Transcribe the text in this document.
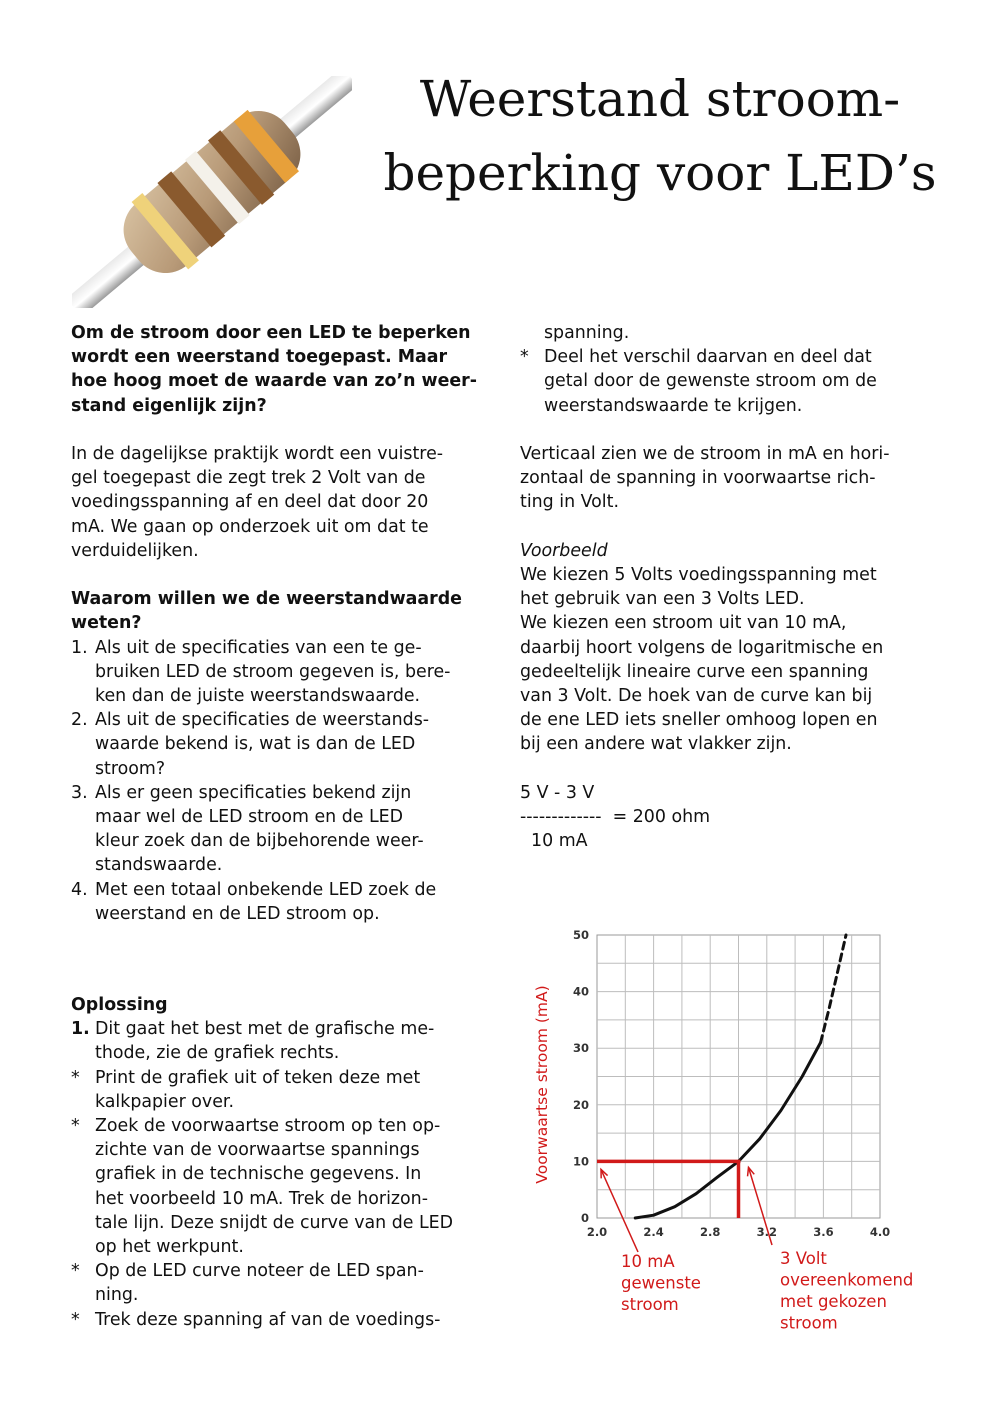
Weerstand stroom-
beperking voor LED’s

Om de stroom door een LED te beperken

wordt een weerstand toegepast. Maar

hoe hoog moet de waarde van zo’n weer-

stand eigenlijk zijn?

In de dagelijkse praktijk wordt een vuistre-

gel toegepast die zegt trek 2 Volt van de

voedingsspanning af en deel dat door 20

mA. We gaan op onderzoek uit om dat te

verduidelijken.

Waarom willen we de weerstandwaarde

weten?

1. Als uit de specificaties van een te ge-

bruiken LED de stroom gegeven is, bere-

ken dan de juiste weerstandswaarde.

2. Als uit de specificaties de weerstands-

waarde bekend is, wat is dan de LED

stroom?

3. Als er geen specificaties bekend zijn

maar wel de LED stroom en de LED

kleur zoek dan de bijbehorende weer-

standswaarde.

4. Met een totaal onbekende LED zoek de

weerstand en de LED stroom op.

Oplossing

1. Dit gaat het best met de grafische me-

thode, zie de grafiek rechts.

* Print de grafiek uit of teken deze met

kalkpapier over.

* Zoek de voorwaartse stroom op ten op-

zichte van de voorwaartse spannings

grafiek in de technische gegevens. In

het voorbeeld 10 mA. Trek de horizon-

tale lijn. Deze snijdt de curve van de LED

op het werkpunt.

* Op de LED curve noteer de LED span-

ning.

* Trek deze spanning af van de voedings-

spanning.

* Deel het verschil daarvan en deel dat

getal door de gewenste stroom om de

weerstandswaarde te krijgen.

Verticaal zien we de stroom in mA en hori-

zontaal de spanning in voorwaartse rich-

ting in Volt.

Voorbeeld

We kiezen 5 Volts voedingsspanning met

het gebruik van een 3 Volts LED.

We kiezen een stroom uit van 10 mA,

daarbij hoort volgens de logaritmische en

gedeeltelijk lineaire curve een spanning

van 3 Volt. De hoek van de curve kan bij

de ene LED iets sneller omhoog lopen en

bij een andere wat vlakker zijn.

5 V - 3 V

-------------  = 200 ohm

10 mA

0
10
20
30
40
50
2.0	2.4	2.8	3.2	3.6	4.0
Voorwaartse stroom (mA)
10 mA
gewenste
stroom
3 Volt
overeenkomend
met gekozen
stroom
